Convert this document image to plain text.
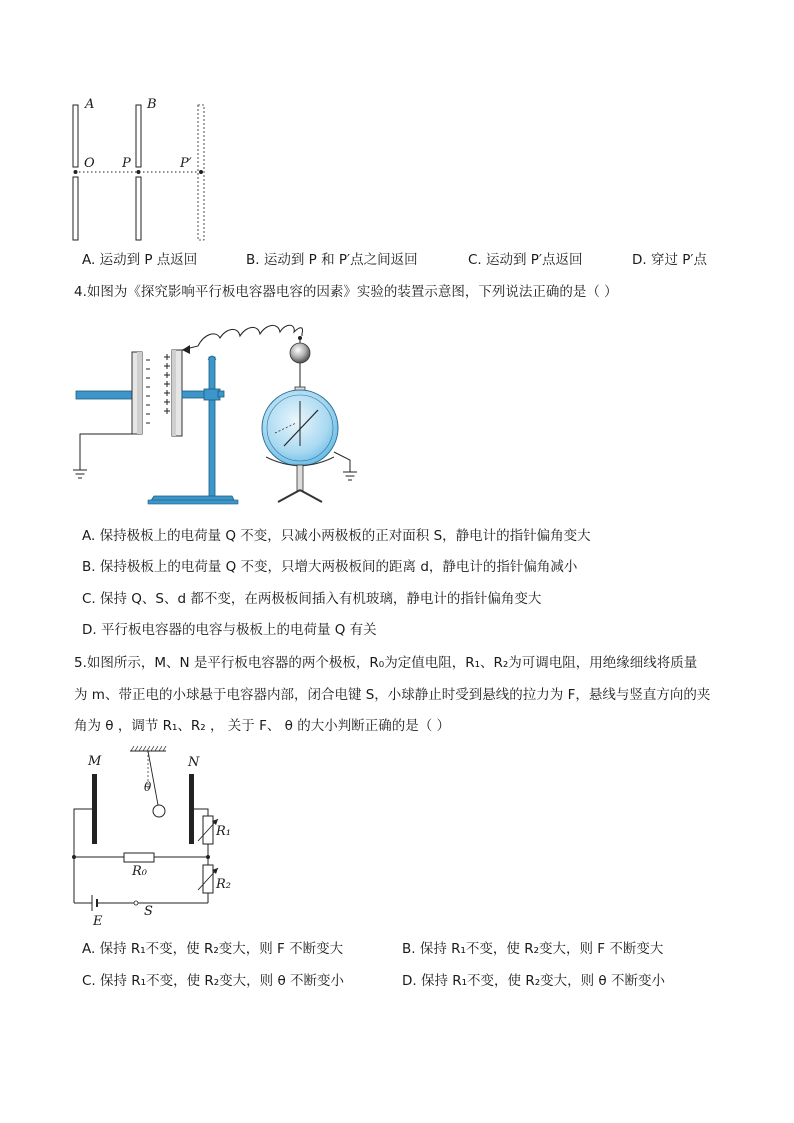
A	B
O P	P′
A. 运动到 P 点返回	B. 运动到 P 和 P′点之间返回	C. 运动到 P′点返回	D. 穿过 P′点
4.如图为《探究影响平行板电容器电容的因素》实验的装置示意图，下列说法正确的是（ ）
A. 保持极板上的电荷量 Q 不变，只减小两极板的正对面积 S，静电计的指针偏角变大
B. 保持极板上的电荷量 Q 不变，只增大两极板间的距离 d，静电计的指针偏角减小
C. 保持 Q、S、d 都不变，在两极板间插入有机玻璃，静电计的指针偏角变大
D. 平行板电容器的电容与极板上的电荷量 Q 有关
5.如图所示，M、N 是平行板电容器的两个极板，R₀为定值电阻，R₁、R₂为可调电阻，用绝缘细线将质量
为 m、带正电的小球悬于电容器内部，闭合电键 S，小球静止时受到悬线的拉力为 F，悬线与竖直方向的夹
角为 θ ，调节 R₁、R₂ ， 关于 F、 θ 的大小判断正确的是（ ）
M	N
θ
R₁
R₀
R₂
E
S
A. 保持 R₁不变，使 R₂变大，则 F 不断变大	B. 保持 R₁不变，使 R₂变大，则 F 不断变大
C. 保持 R₁不变，使 R₂变大，则 θ 不断变小	D. 保持 R₁不变，使 R₂变大，则 θ 不断变小
